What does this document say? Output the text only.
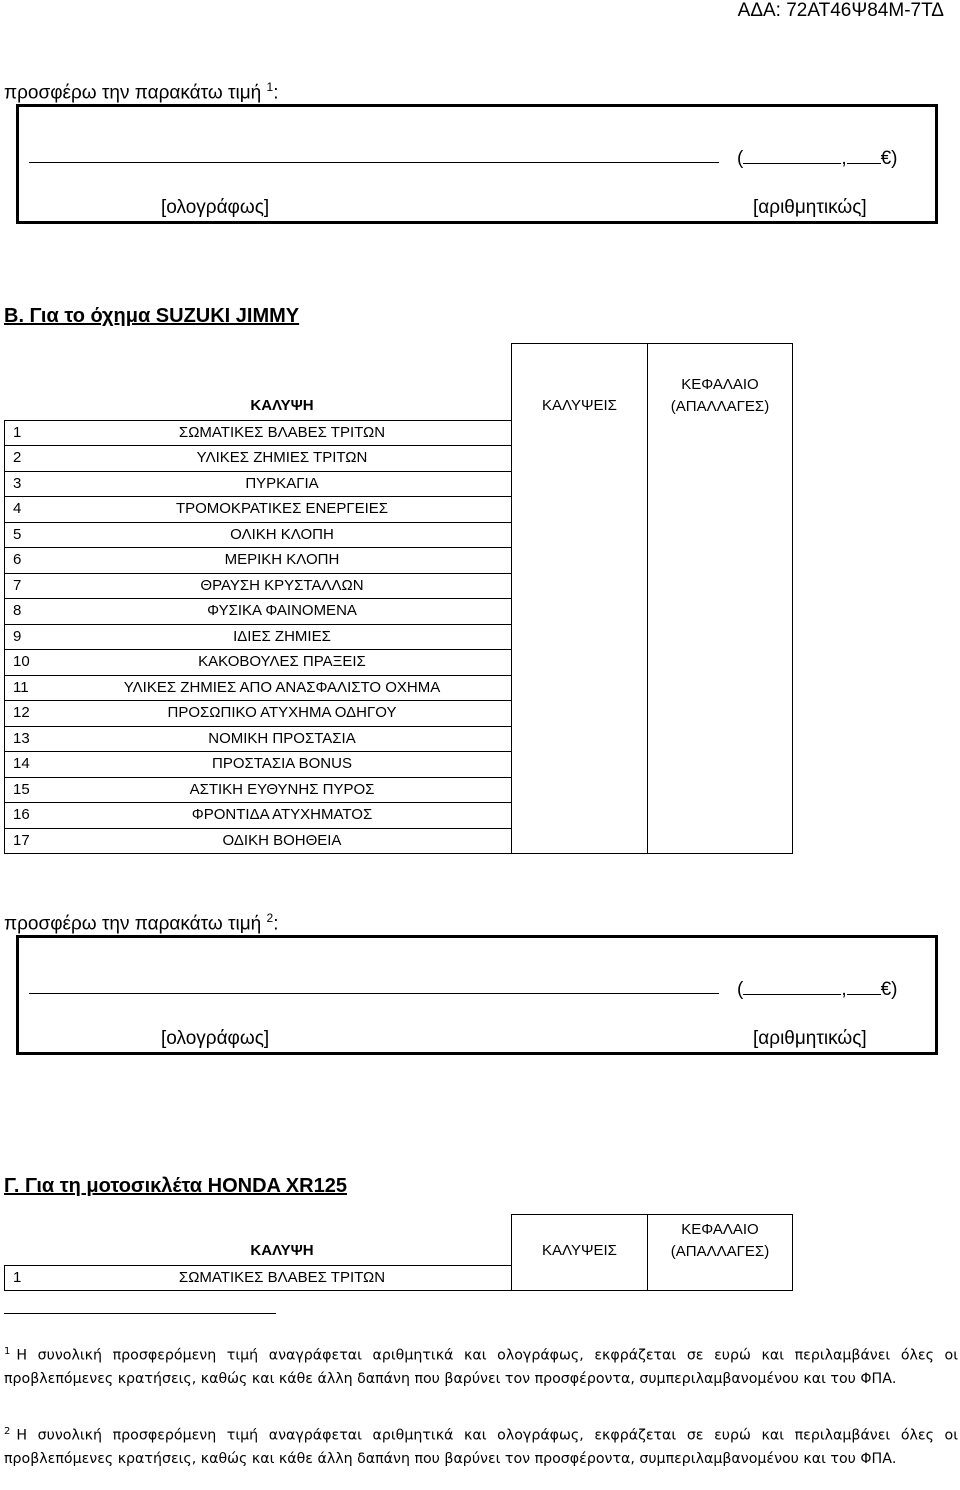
ΑΔΑ: 72ΑΤ46Ψ84Μ-7ΤΔ
προσφέρω την παρακάτω τιμή $^1$:
(	, €)
[ολογράφως]	[αριθμητικώς]
Β. Για το όχημα SUZUKI JIMMY
	ΚΑΛΥΨΗ	ΚΑΛΥΨΕΙΣ	ΚΕΦΑΛΑΙΟ
(ΑΠΑΛΛΑΓΕΣ)

1	ΣΩΜΑΤΙΚΕΣ ΒΛΑΒΕΣ ΤΡΙΤΩΝ		
2	ΥΛΙΚΕΣ ΖΗΜΙΕΣ ΤΡΙΤΩΝ		
3	ΠΥΡΚΑΓΙΑ		
4	ΤΡΟΜΟΚΡΑΤΙΚΕΣ ΕΝΕΡΓΕΙΕΣ		
5	ΟΛΙΚΗ ΚΛΟΠΗ		
6	ΜΕΡΙΚΗ ΚΛΟΠΗ		
7	ΘΡΑΥΣΗ ΚΡΥΣΤΑΛΛΩΝ		
8	ΦΥΣΙΚΑ ΦΑΙΝΟΜΕΝΑ		
9	ΙΔΙΕΣ ΖΗΜΙΕΣ		
10	ΚΑΚΟΒΟΥΛΕΣ ΠΡΑΞΕΙΣ		
11	ΥΛΙΚΕΣ ΖΗΜΙΕΣ ΑΠΟ ΑΝΑΣΦΑΛΙΣΤΟ ΟΧΗΜΑ		
12	ΠΡΟΣΩΠΙΚΟ ΑΤΥΧΗΜΑ ΟΔΗΓΟΥ		
13	ΝΟΜΙΚΗ ΠΡΟΣΤΑΣΙΑ		
14	ΠΡΟΣΤΑΣΙΑ BONUS		
15	ΑΣΤΙΚΗ ΕΥΘΥΝΗΣ ΠΥΡΟΣ		
16	ΦΡΟΝΤΙΔΑ ΑΤΥΧΗΜΑΤΟΣ		
17	ΟΔΙΚΗ ΒΟΗΘΕΙΑ		
προσφέρω την παρακάτω τιμή $^2$:
(	, €)
[ολογράφως]	[αριθμητικώς]
Γ. Για τη μοτοσικλέτα HONDA XR125
	ΚΑΛΥΨΗ	ΚΑΛΥΨΕΙΣ	ΚΕΦΑΛΑΙΟ
(ΑΠΑΛΛΑΓΕΣ)

1	ΣΩΜΑΤΙΚΕΣ ΒΛΑΒΕΣ ΤΡΙΤΩΝ		
$^1$ Η συνολική προσφερόμενη τιμή αναγράφεται αριθμητικά και ολογράφως, εκφράζεται σε ευρώ και περιλαμβάνει όλες οι προβλεπόμενες κρατήσεις, καθώς και κάθε άλλη δαπάνη που βαρύνει τον προσφέροντα, συμπεριλαμβανομένου και του ΦΠΑ.
$^2$ Η συνολική προσφερόμενη τιμή αναγράφεται αριθμητικά και ολογράφως, εκφράζεται σε ευρώ και περιλαμβάνει όλες οι προβλεπόμενες κρατήσεις, καθώς και κάθε άλλη δαπάνη που βαρύνει τον προσφέροντα, συμπεριλαμβανομένου και του ΦΠΑ.
